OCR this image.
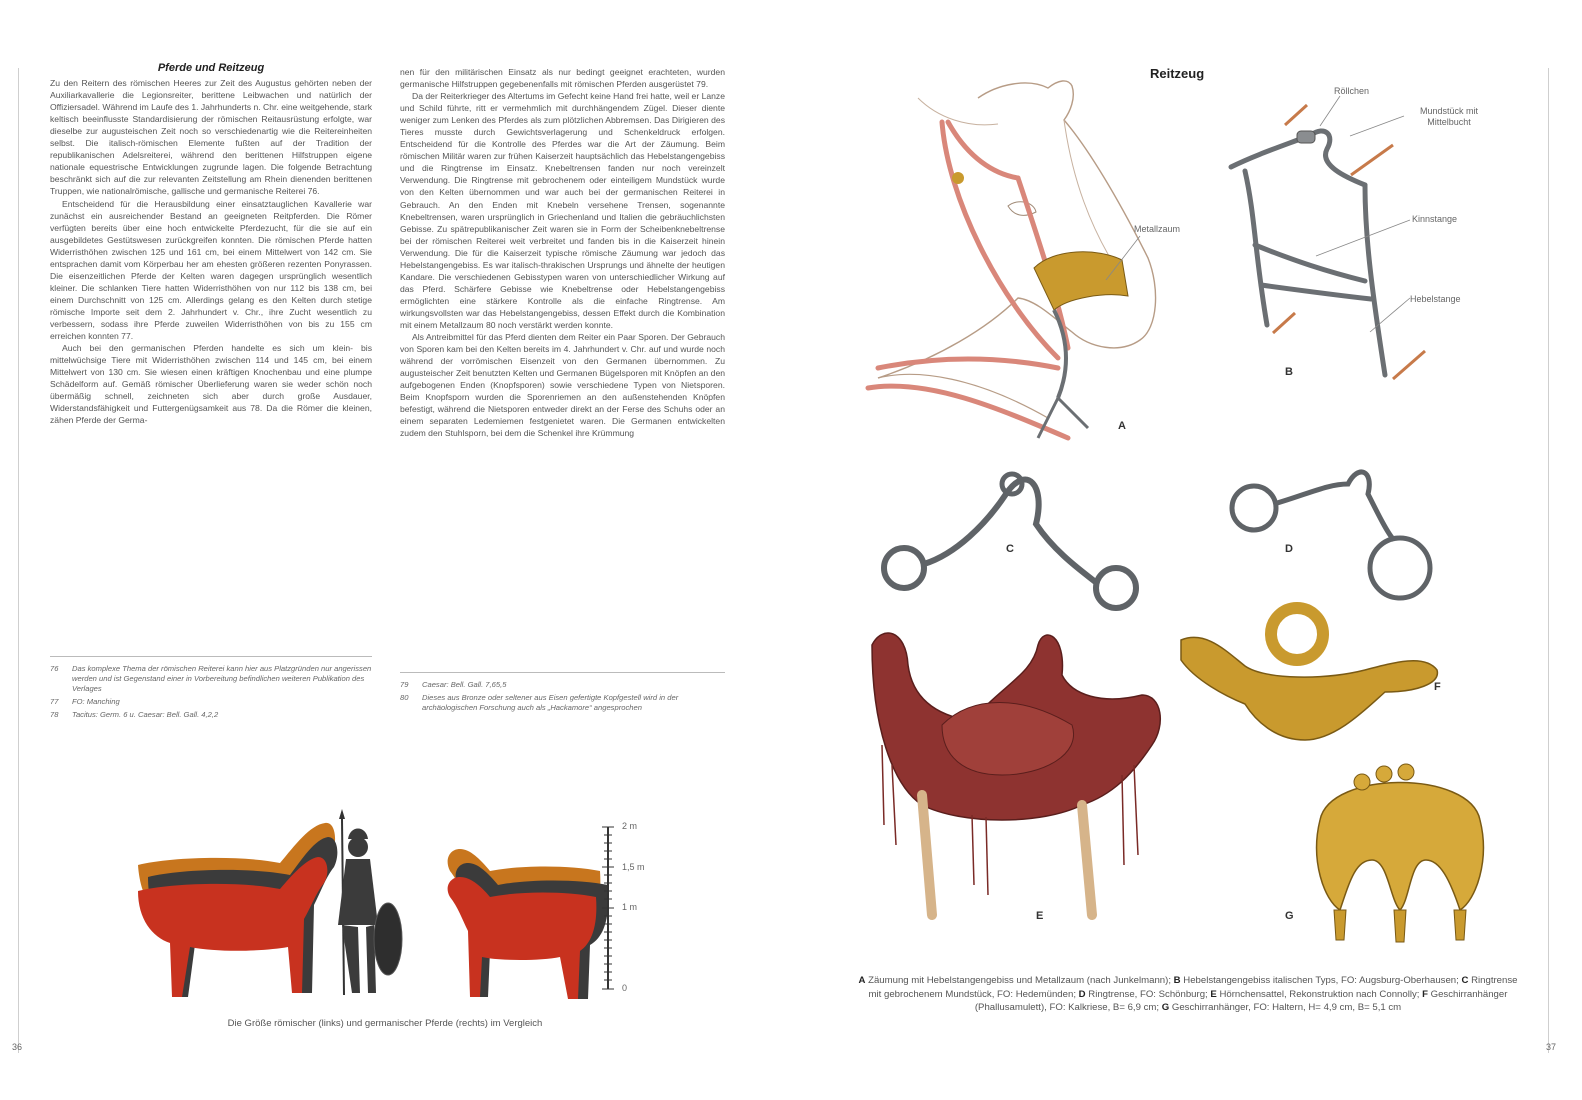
Pferde und Reitzeug

Zu den Reitern des römischen Heeres zur Zeit des Augustus gehörten neben der Auxiliarkavallerie die Legionsreiter, berittene Leibwachen und natürlich der Offiziersadel. Während im Laufe des 1. Jahrhunderts n. Chr. eine weitgehende, stark keltisch beeinflusste Standardisierung der römischen Reitausrüstung erfolgte, war dieselbe zur augusteischen Zeit noch so verschiedenartig wie die Reitereinheiten selbst. Die italisch-römischen Elemente fußten auf der Tradition der republikanischen Adelsreiterei, während den berittenen Hilfstruppen eigene nationale equestrische Entwicklungen zugrunde lagen. Die folgende Betrachtung beschränkt sich auf die zur relevanten Zeitstellung am Rhein dienenden berittenen Truppen, wie nationalrömische, gallische und germanische Reiterei 76.

Entscheidend für die Herausbildung einer einsatztauglichen Kavallerie war zunächst ein ausreichender Bestand an geeigneten Reitpferden. Die Römer verfügten bereits über eine hoch entwickelte Pferdezucht, für die sie auf ein ausgebildetes Gestütswesen zurückgreifen konnten. Die römischen Pferde hatten Widerristhöhen zwischen 125 und 161 cm, bei einem Mittelwert von 142 cm. Sie entsprachen damit vom Körperbau her am ehesten größeren rezenten Ponyrassen. Die eisenzeitlichen Pferde der Kelten waren dagegen ursprünglich wesentlich kleiner. Die schlanken Tiere hatten Widerristhöhen von nur 112 bis 138 cm, bei einem Durchschnitt von 125 cm. Allerdings gelang es den Kelten durch stetige römische Importe seit dem 2. Jahrhundert v. Chr., ihre Zucht wesentlich zu verbessern, sodass ihre Pferde zuweilen Widerristhöhen von bis zu 155 cm erreichen konnten 77.

Auch bei den germanischen Pferden handelte es sich um klein- bis mittelwüchsige Tiere mit Widerristhöhen zwischen 114 und 145 cm, bei einem Mittelwert von 130 cm. Sie wiesen einen kräftigen Knochenbau und eine plumpe Schädelform auf. Gemäß römischer Überlieferung waren sie weder schön noch übermäßig schnell, zeichneten sich aber durch große Ausdauer, Widerstandsfähigkeit und Futtergenügsamkeit aus 78. Da die Römer die kleinen, zähen Pferde der Germa-

nen für den militärischen Einsatz als nur bedingt geeignet erachteten, wurden germanische Hilfstruppen gegebenenfalls mit römischen Pferden ausgerüstet 79.

Da der Reiterkrieger des Altertums im Gefecht keine Hand frei hatte, weil er Lanze und Schild führte, ritt er vermehmlich mit durchhängendem Zügel. Dieser diente weniger zum Lenken des Pferdes als zum plötzlichen Abbremsen. Das Dirigieren des Tieres musste durch Gewichtsverlagerung und Schenkeldruck erfolgen. Entscheidend für die Kontrolle des Pferdes war die Art der Zäumung. Beim römischen Militär waren zur frühen Kaiserzeit hauptsächlich das Hebelstangengebiss und die Ringtrense im Einsatz. Knebeltrensen fanden nur noch vereinzelt Verwendung. Die Ringtrense mit gebrochenem oder einteiligem Mundstück wurde von den Kelten übernommen und war auch bei der germanischen Reiterei in Gebrauch. An den Enden mit Knebeln versehene Trensen, sogenannte Knebeltrensen, waren ursprünglich in Griechenland und Italien die gebräuchlichsten Gebisse. Zu spätrepublikanischer Zeit waren sie in Form der Scheibenknebeltrense bei der römischen Reiterei weit verbreitet und fanden bis in die Kaiserzeit hinein Verwendung. Die für die Kaiserzeit typische römische Zäumung war jedoch das Hebelstangengebiss. Es war italisch-thrakischen Ursprungs und ähnelte der heutigen Kandare. Die verschiedenen Gebisstypen waren von unterschiedlicher Wirkung auf das Pferd. Schärfere Gebisse wie Knebeltrense oder Hebelstangengebiss ermöglichten eine stärkere Kontrolle als die einfache Ringtrense. Am wirkungsvollsten war das Hebelstangengebiss, dessen Effekt durch die Kombination mit einem Metallzaum 80 noch verstärkt werden konnte.

Als Antreibmittel für das Pferd dienten dem Reiter ein Paar Sporen. Der Gebrauch von Sporen kam bei den Kelten bereits im 4. Jahrhundert v. Chr. auf und wurde noch während der vorrömischen Eisenzeit von den Germanen übernommen. Zu augusteischer Zeit benutzten Kelten und Germanen Bügelsporen mit Knöpfen an den aufgebogenen Enden (Knopfsporen) sowie verschiedene Typen von Nietsporen. Beim Knopfsporn wurden die Sporenriemen an den außenstehenden Knöpfen befestigt, während die Nietsporen entweder direkt an der Ferse des Schuhs oder an einem separaten Ledemiemen festgenietet waren. Die Germanen entwickelten zudem den Stuhlsporn, bei dem die Schenkel ihre Krümmung

76	Das komplexe Thema der römischen Reiterei kann hier aus Platzgründen nur angerissen werden und ist Gegenstand einer in Vorbereitung befindlichen weiteren Publikation des Verlages
77	FO: Manching
78	Tacitus: Germ. 6 u. Caesar: Bell. Gall. 4,2,2
79	Caesar: Bell. Gall. 7,65,5
80	Dieses aus Bronze oder seltener aus Eisen gefertigte Kopfgestell wird in der archäologischen Forschung auch als „Hackamore“ angesprochen
2 m
1,5 m
1 m
0
Die Größe römischer (links) und germanischer Pferde (rechts) im Vergleich
36	37
Reitzeug
Metallzaum
A
Röllchen
Mundstück mit Mittelbucht
Kinnstange
Hebelstange
B
C	D
E
F
G
A Zäumung mit Hebelstangengebiss und Metallzaum (nach Junkelmann); B Hebelstangengebiss italischen Typs, FO: Augsburg-Oberhausen; C Ringtrense mit gebrochenem Mundstück, FO: Hedemünden; D Ringtrense, FO: Schönburg; E Hörnchensattel, Rekonstruktion nach Connolly; F Geschirranhänger (Phallusamulett), FO: Kalkriese, B= 6,9 cm; G Geschirranhänger, FO: Haltern, H= 4,9 cm, B= 5,1 cm
